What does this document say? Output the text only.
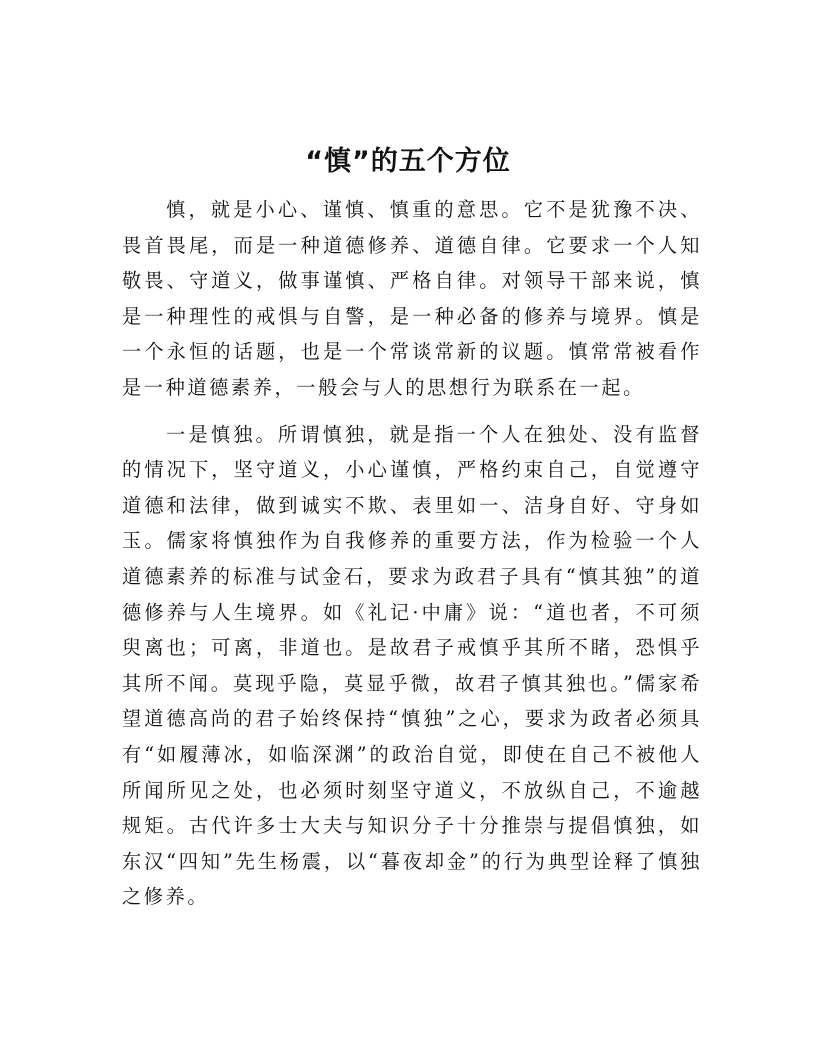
“慎”的五个方位

慎，就是小心、谨慎、慎重的意思。它不是犹豫不决、畏首畏尾，而是一种道德修养、道德自律。它要求一个人知敬畏、守道义，做事谨慎、严格自律。对领导干部来说，慎是一种理性的戒惧与自警，是一种必备的修养与境界。慎是一个永恒的话题，也是一个常谈常新的议题。慎常常被看作是一种道德素养，一般会与人的思想行为联系在一起。

一是慎独。所谓慎独，就是指一个人在独处、没有监督的情况下，坚守道义，小心谨慎，严格约束自己，自觉遵守道德和法律，做到诚实不欺、表里如一、洁身自好、守身如玉。儒家将慎独作为自我修养的重要方法，作为检验一个人道德素养的标准与试金石，要求为政君子具有“慎其独”的道德修养与人生境界。如《礼记·中庸》说：“道也者，不可须臾离也；可离，非道也。是故君子戒慎乎其所不睹，恐惧乎其所不闻。莫现乎隐，莫显乎微，故君子慎其独也。”儒家希望道德高尚的君子始终保持“慎独”之心，要求为政者必须具有“如履薄冰，如临深渊”的政治自觉，即使在自己不被他人所闻所见之处，也必须时刻坚守道义，不放纵自己，不逾越规矩。古代许多士大夫与知识分子十分推崇与提倡慎独，如东汉“四知”先生杨震，以“暮夜却金”的行为典型诠释了慎独之修养。
